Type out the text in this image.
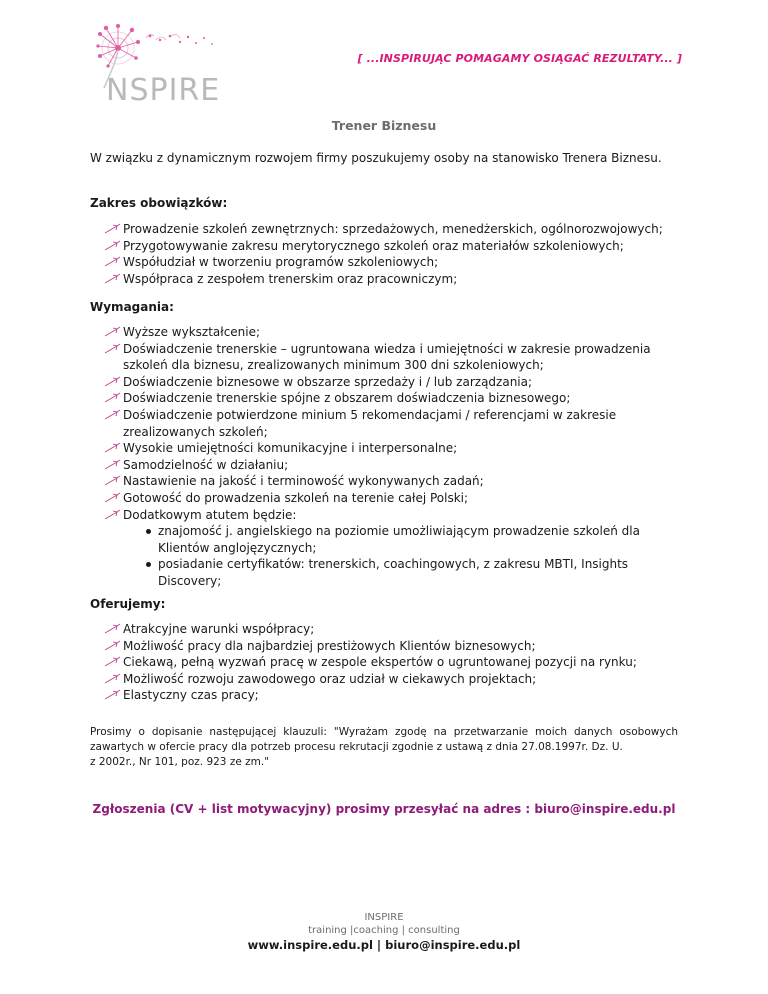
NSPIRE
[ ...INSPIRUJĄC POMAGAMY OSIĄGAĆ REZULTATY... ]
Trener Biznesu
W związku z dynamicznym rozwojem firmy poszukujemy osoby na stanowisko Trenera Biznesu.
Zakres obowiązków:
Prowadzenie szkoleń zewnętrznych: sprzedażowych, menedżerskich, ogólnorozwojowych;
Przygotowywanie zakresu merytorycznego szkoleń oraz materiałów szkoleniowych;
Współudział w tworzeniu programów szkoleniowych;
Współpraca z zespołem trenerskim oraz pracowniczym;
Wymagania:
Wyższe wykształcenie;
Doświadczenie trenerskie – ugruntowana wiedza i umiejętności w zakresie prowadzenia szkoleń dla biznesu, zrealizowanych minimum 300 dni szkoleniowych;
Doświadczenie biznesowe w obszarze sprzedaży i / lub zarządzania;
Doświadczenie trenerskie spójne z obszarem doświadczenia biznesowego;
Doświadczenie potwierdzone minium 5 rekomendacjami / referencjami w zakresie zrealizowanych szkoleń;
Wysokie umiejętności komunikacyjne i interpersonalne;
Samodzielność w działaniu;
Nastawienie na jakość i terminowość wykonywanych zadań;
Gotowość do prowadzenia szkoleń na terenie całej Polski;
Dodatkowym atutem będzie:
znajomość j. angielskiego na poziomie umożliwiającym prowadzenie szkoleń dla Klientów anglojęzycznych;
posiadanie certyfikatów: trenerskich, coachingowych, z zakresu MBTI, Insights Discovery;
Oferujemy:
Atrakcyjne warunki współpracy;
Możliwość pracy dla najbardziej prestiżowych Klientów biznesowych;
Ciekawą, pełną wyzwań pracę w zespole ekspertów o ugruntowanej pozycji na rynku;
Możliwość rozwoju zawodowego oraz udział w ciekawych projektach;
Elastyczny czas pracy;
Prosimy o dopisanie następującej klauzuli: "Wyrażam zgodę na przetwarzanie moich danych osobowych zawartych w ofercie pracy dla potrzeb procesu rekrutacji zgodnie z ustawą z dnia 27.08.1997r. Dz. U.
z 2002r., Nr 101, poz. 923 ze zm."
Zgłoszenia (CV + list motywacyjny) prosimy przesyłać na adres : biuro@inspire.edu.pl
INSPIRE
training |coaching | consulting
www.inspire.edu.pl | biuro@inspire.edu.pl
